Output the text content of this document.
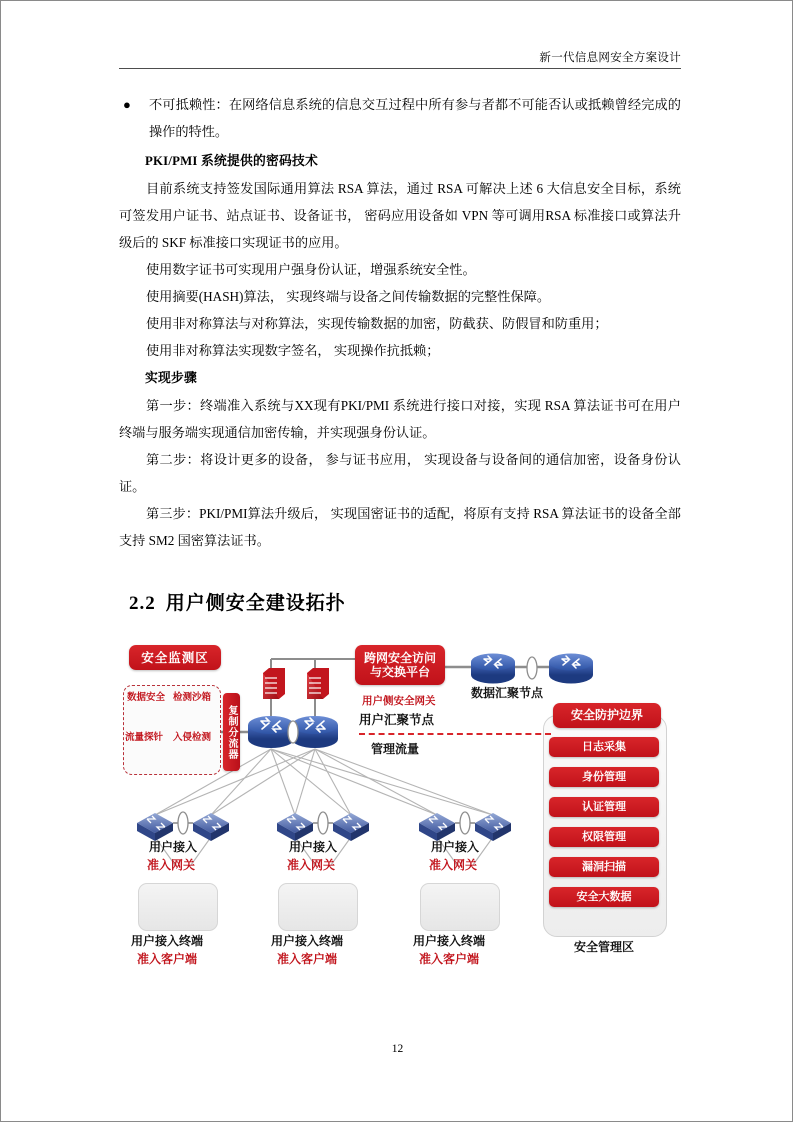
新一代信息网安全方案设计
●	不可抵赖性：在网络信息系统的信息交互过程中所有参与者都不可能否认或抵赖曾经完成的操作的特性。
PKI/PMI 系统提供的密码技术

目前系统支持签发国际通用算法 RSA 算法，通过 RSA 可解决上述 6 大信息安全目标，系统可签发用户证书、站点证书、设备证书， 密码应用设备如 VPN 等可调用RSA 标准接口或算法升级后的 SKF 标准接口实现证书的应用。

使用数字证书可实现用户强身份认证，增强系统安全性。

使用摘要(HASH)算法， 实现终端与设备之间传输数据的完整性保障。

使用非对称算法与对称算法，实现传输数据的加密，防截获、防假冒和防重用；

使用非对称算法实现数字签名， 实现操作抗抵赖；

实现步骤

第一步：终端准入系统与XX现有PKI/PMI 系统进行接口对接，实现 RSA 算法证书可在用户终端与服务端实现通信加密传输，并实现强身份认证。

第二步：将设计更多的设备， 参与证书应用， 实现设备与设备间的通信加密，设备身份认证。

第三步：PKI/PMI算法升级后， 实现国密证书的适配，将原有支持 RSA 算法证书的设备全部支持 SM2 国密算法证书。

2.2 用户侧安全建设拓扑
安全监测区
数据安全 检测沙箱
流量探针 入侵检测	复制分流器
跨网安全访问
与交换平台
用户侧安全网关
数据汇聚节点
用户汇聚节点
管理流量
安全防护边界
日志采集
身份管理
认证管理
权限管理
漏洞扫描
安全大数据
安全管理区
用户接入
准入网关
用户接入
准入网关
用户接入
准入网关
用户接入终端
准入客户端
用户接入终端
准入客户端
用户接入终端
准入客户端
12
